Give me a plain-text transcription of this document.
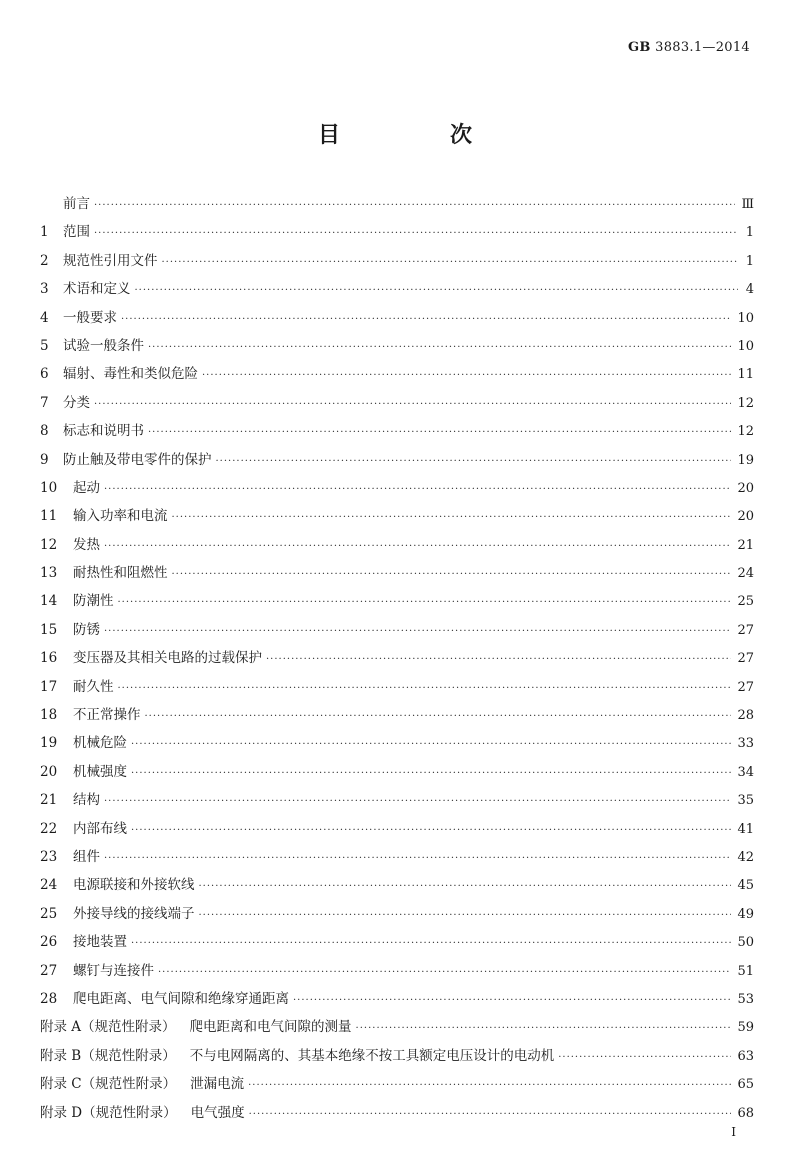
GB 3883.1—2014
目　次
前言 ·····	Ⅲ
1	范围 ·····	1
2	规范性引用文件 ·····	1
3	术语和定义 ·····	4
4	一般要求 ·····	10
5	试验一般条件 ·····	10
6	辐射、毒性和类似危险 ·····	11
7	分类 ·····	12
8	标志和说明书 ·····	12
9	防止触及带电零件的保护 ·····	19
10	起动 ·····	20
11	输入功率和电流 ·····	20
12	发热 ·····	21
13	耐热性和阻燃性 ·····	24
14	防潮性 ·····	25
15	防锈 ·····	27
16	变压器及其相关电路的过载保护 ·····	27
17	耐久性 ·····	27
18	不正常操作 ·····	28
19	机械危险 ·····	33
20	机械强度 ·····	34
21	结构 ·····	35
22	内部布线 ·····	41
23	组件 ·····	42
24	电源联接和外接软线 ·····	45
25	外接导线的接线端子 ·····	49
26	接地装置 ·····	50
27	螺钉与连接件 ·····	51
28	爬电距离、电气间隙和绝缘穿通距离 ·····	53
附录 A（规范性附录）	爬电距离和电气间隙的测量 ·····	59
附录 B（规范性附录）	不与电网隔离的、其基本绝缘不按工具额定电压设计的电动机 ·····	63
附录 C（规范性附录）	泄漏电流 ·····	65
附录 D（规范性附录）	电气强度 ·····	68
I
